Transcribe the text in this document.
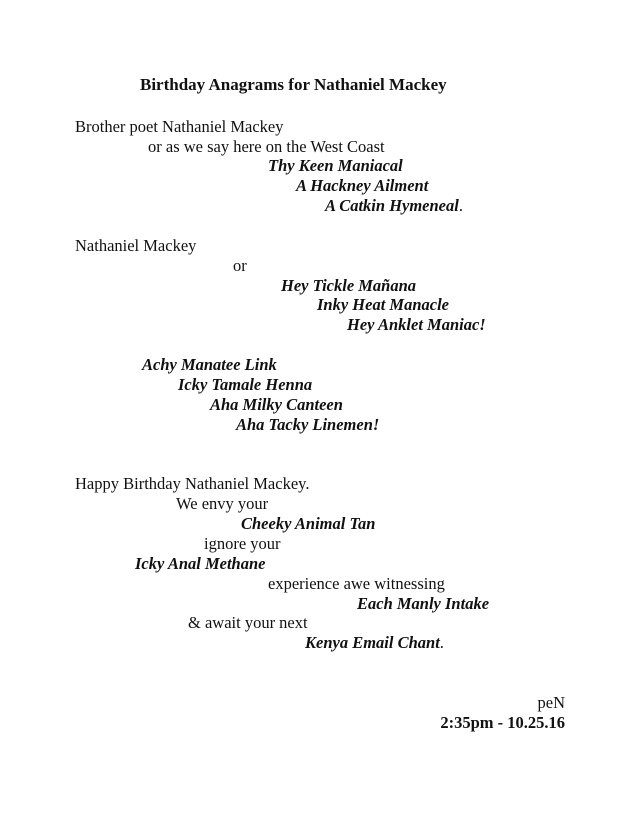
Birthday Anagrams for Nathaniel Mackey
Brother poet Nathaniel Mackey
or as we say here on the West Coast
Thy Keen Maniacal
A Hackney Ailment
A Catkin Hymeneal.
Nathaniel Mackey
or
Hey Tickle Mañana
Inky Heat Manacle
Hey Anklet Maniac!
Achy Manatee Link
Icky Tamale Henna
Aha Milky Canteen
Aha Tacky Linemen!
Happy Birthday Nathaniel Mackey.
We envy your
Cheeky Animal Tan
ignore your
Icky Anal Methane
experience awe witnessing
Each Manly Intake
& await your next
Kenya Email Chant.
peN
2:35pm - 10.25.16
